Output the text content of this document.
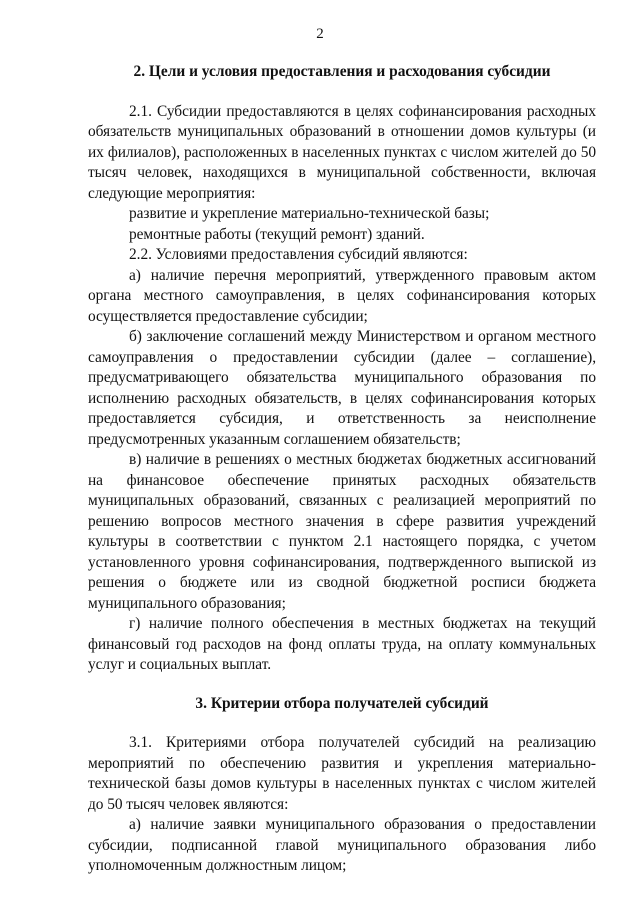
2
2. Цели и условия предоставления и расходования субсидии

2.1. Субсидии предоставляются в целях софинансирования расходных обязательств муниципальных образований в отношении домов культуры (и их филиалов), расположенных в населенных пунктах с числом жителей до 50 тысяч человек, находящихся в муниципальной собственности, включая следующие мероприятия:

развитие и укрепление материально-технической базы;

ремонтные работы (текущий ремонт) зданий.

2.2. Условиями предоставления субсидий являются:

а) наличие перечня мероприятий, утвержденного правовым актом органа местного самоуправления, в целях софинансирования которых осуществляется предоставление субсидии;

б) заключение соглашений между Министерством и органом местного самоуправления о предоставлении субсидии (далее – соглашение), предусматривающего обязательства муниципального образования по исполнению расходных обязательств, в целях софинансирования которых предоставляется субсидия, и ответственность за неисполнение предусмотренных указанным соглашением обязательств;

в) наличие в решениях о местных бюджетах бюджетных ассигнований на финансовое обеспечение принятых расходных обязательств муниципальных образований, связанных с реализацией мероприятий по решению вопросов местного значения в сфере развития учреждений культуры в соответствии с пунктом 2.1 настоящего порядка, с учетом установленного уровня софинансирования, подтвержденного выпиской из решения о бюджете или из сводной бюджетной росписи бюджета муниципального образования;

г) наличие полного обеспечения в местных бюджетах на текущий финансовый год расходов на фонд оплаты труда, на оплату коммунальных услуг и социальных выплат.

3. Критерии отбора получателей субсидий

3.1. Критериями отбора получателей субсидий на реализацию мероприятий по обеспечению развития и укрепления материально-технической базы домов культуры в населенных пунктах с числом жителей до 50 тысяч человек являются:

а) наличие заявки муниципального образования о предоставлении субсидии, подписанной главой муниципального образования либо уполномоченным должностным лицом;
